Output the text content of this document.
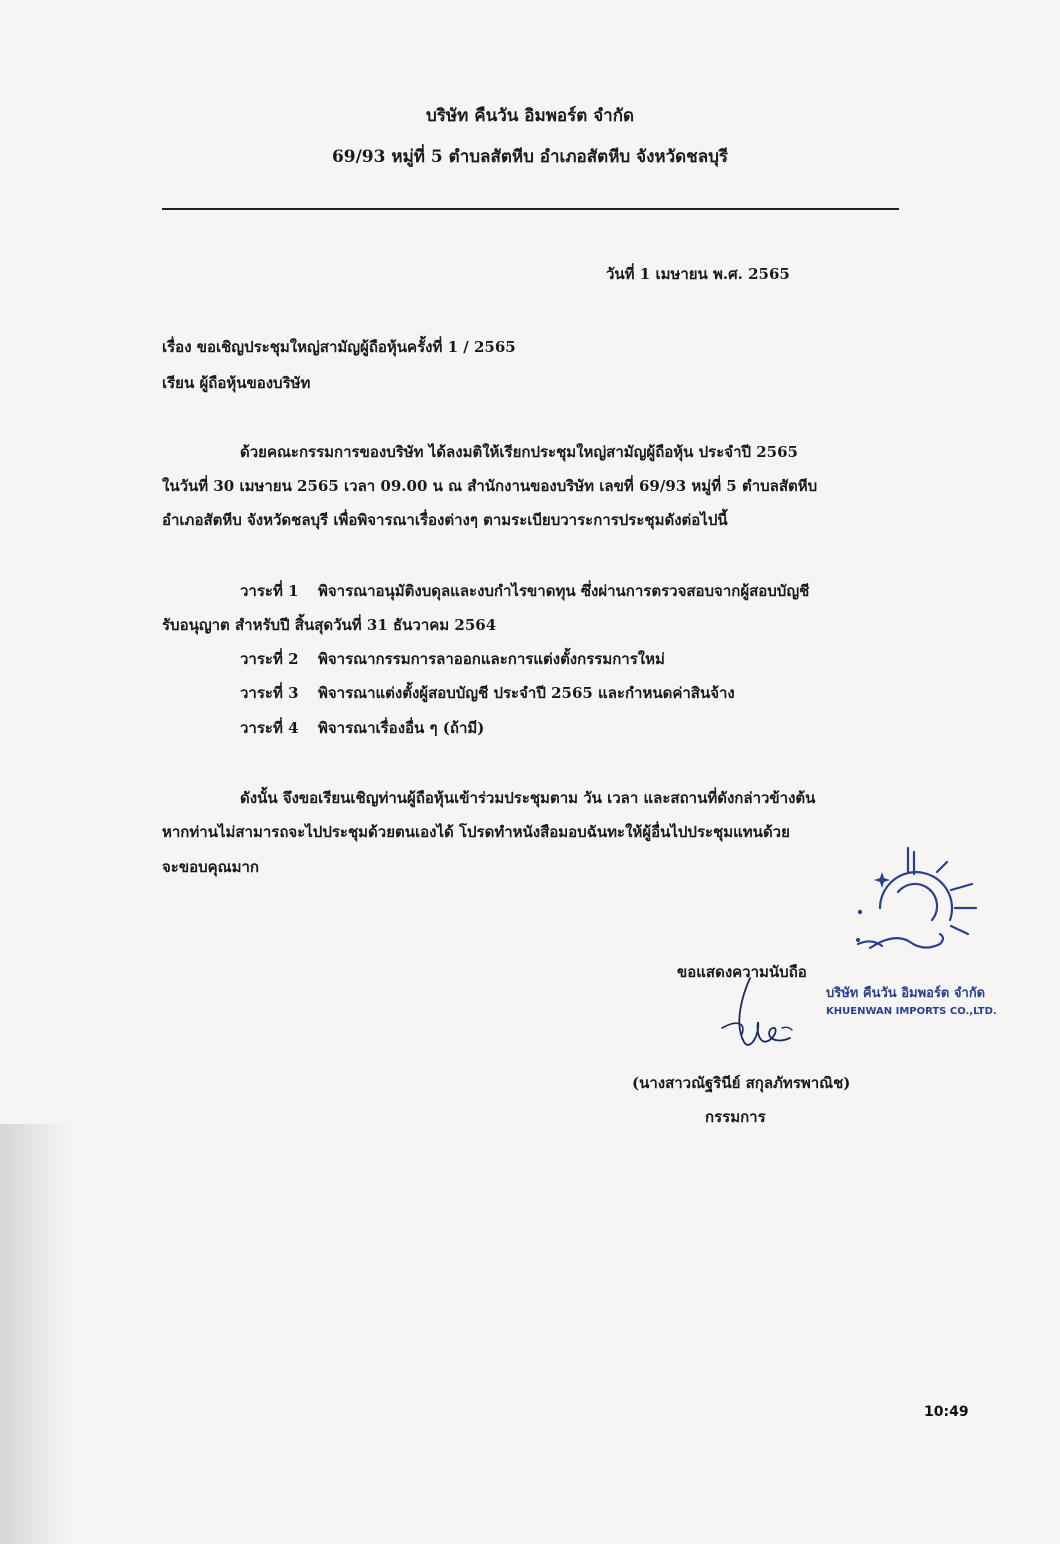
บริษัท คืนวัน อิมพอร์ต จำกัด
69/93 หมู่ที่ 5 ตำบลสัตหีบ อำเภอสัตหีบ จังหวัดชลบุรี
วันที่ 1 เมษายน พ.ศ. 2565
เรื่อง ขอเชิญประชุมใหญ่สามัญผู้ถือหุ้นครั้งที่ 1 / 2565
เรียน ผู้ถือหุ้นของบริษัท
ด้วยคณะกรรมการของบริษัท ได้ลงมติให้เรียกประชุมใหญ่สามัญผู้ถือหุ้น ประจำปี 2565
ในวันที่ 30 เมษายน 2565 เวลา 09.00 น ณ สำนักงานของบริษัท เลขที่ 69/93 หมู่ที่ 5 ตำบลสัตหีบ
อำเภอสัตหีบ จังหวัดชลบุรี เพื่อพิจารณาเรื่องต่างๆ ตามระเบียบวาระการประชุมดังต่อไปนี้
วาระที่ 1 พิจารณาอนุมัติงบดุลและงบกำไรขาดทุน ซึ่งผ่านการตรวจสอบจากผู้สอบบัญชี
รับอนุญาต สำหรับปี สิ้นสุดวันที่ 31 ธันวาคม 2564
วาระที่ 2 พิจารณากรรมการลาออกและการแต่งตั้งกรรมการใหม่
วาระที่ 3 พิจารณาแต่งตั้งผู้สอบบัญชี ประจำปี 2565 และกำหนดค่าสินจ้าง
วาระที่ 4 พิจารณาเรื่องอื่น ๆ (ถ้ามี)
ดังนั้น จึงขอเรียนเชิญท่านผู้ถือหุ้นเข้าร่วมประชุมตาม วัน เวลา และสถานที่ดังกล่าวข้างต้น
หากท่านไม่สามารถจะไปประชุมด้วยตนเองได้ โปรดทำหนังสือมอบฉันทะให้ผู้อื่นไปประชุมแทนด้วย
จะขอบคุณมาก
บริษัท คืนวัน อิมพอร์ต จำกัด
KHUENWAN IMPORTS CO.,LTD.
ขอแสดงความนับถือ
(นางสาวณัฐรินีย์ สกุลภัทรพาณิช)
กรรมการ
10:49
